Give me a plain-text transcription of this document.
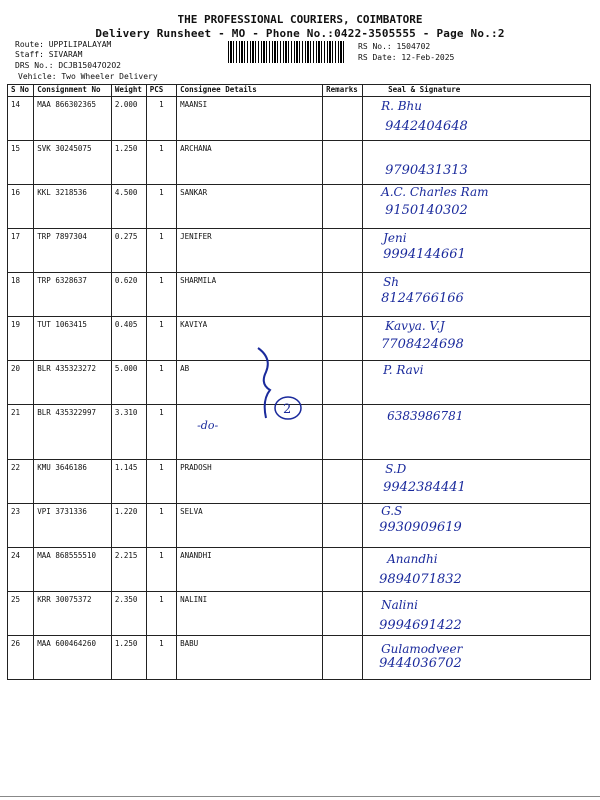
THE PROFESSIONAL COURIERS, COIMBATORE
Delivery Runsheet - MO - Phone No.:0422-3505555 - Page No.:2
Route: UPPILIPALAYAM
Staff: SIVARAM
DRS No.: DCJB15047O2O2
Vehicle: Two Wheeler Delivery
RS No.: 1504702
RS Date: 12-Feb-2025
S No	Consignment No	Weight	PCS	Consignee Details	Remarks	Seal & Signature
14	MAA 866302365	2.000	1	MAANSI		R. Bhu
9442404648

15	SVK 30245075	1.250	1	ARCHANA		9790431313

16	KKL 3218536	4.500	1	SANKAR		A.C. Charles Ram
9150140302

17	TRP 7897304	0.275	1	JENIFER		Jeni
9994144661

18	TRP 6328637	0.620	1	SHARMILA		Sh
8124766166

19	TUT 1063415	0.405	1	KAVIYA		Kavya. V.J
7708424698

20	BLR 435323272	5.000	1	AB		P. Ravi

21	BLR 435322997	3.310	1	-do-		6383986781

22	KMU 3646186	1.145	1	PRADOSH		S.D
9942384441

23	VPI 3731336	1.220	1	SELVA		G.S
9930909619

24	MAA 868555510	2.215	1	ANANDHI		Anandhi
9894071832

25	KRR 30075372	2.350	1	NALINI		Nalini
9994691422

26	MAA 600464260	1.250	1	BABU		Gulamodveer
9444036702
2
